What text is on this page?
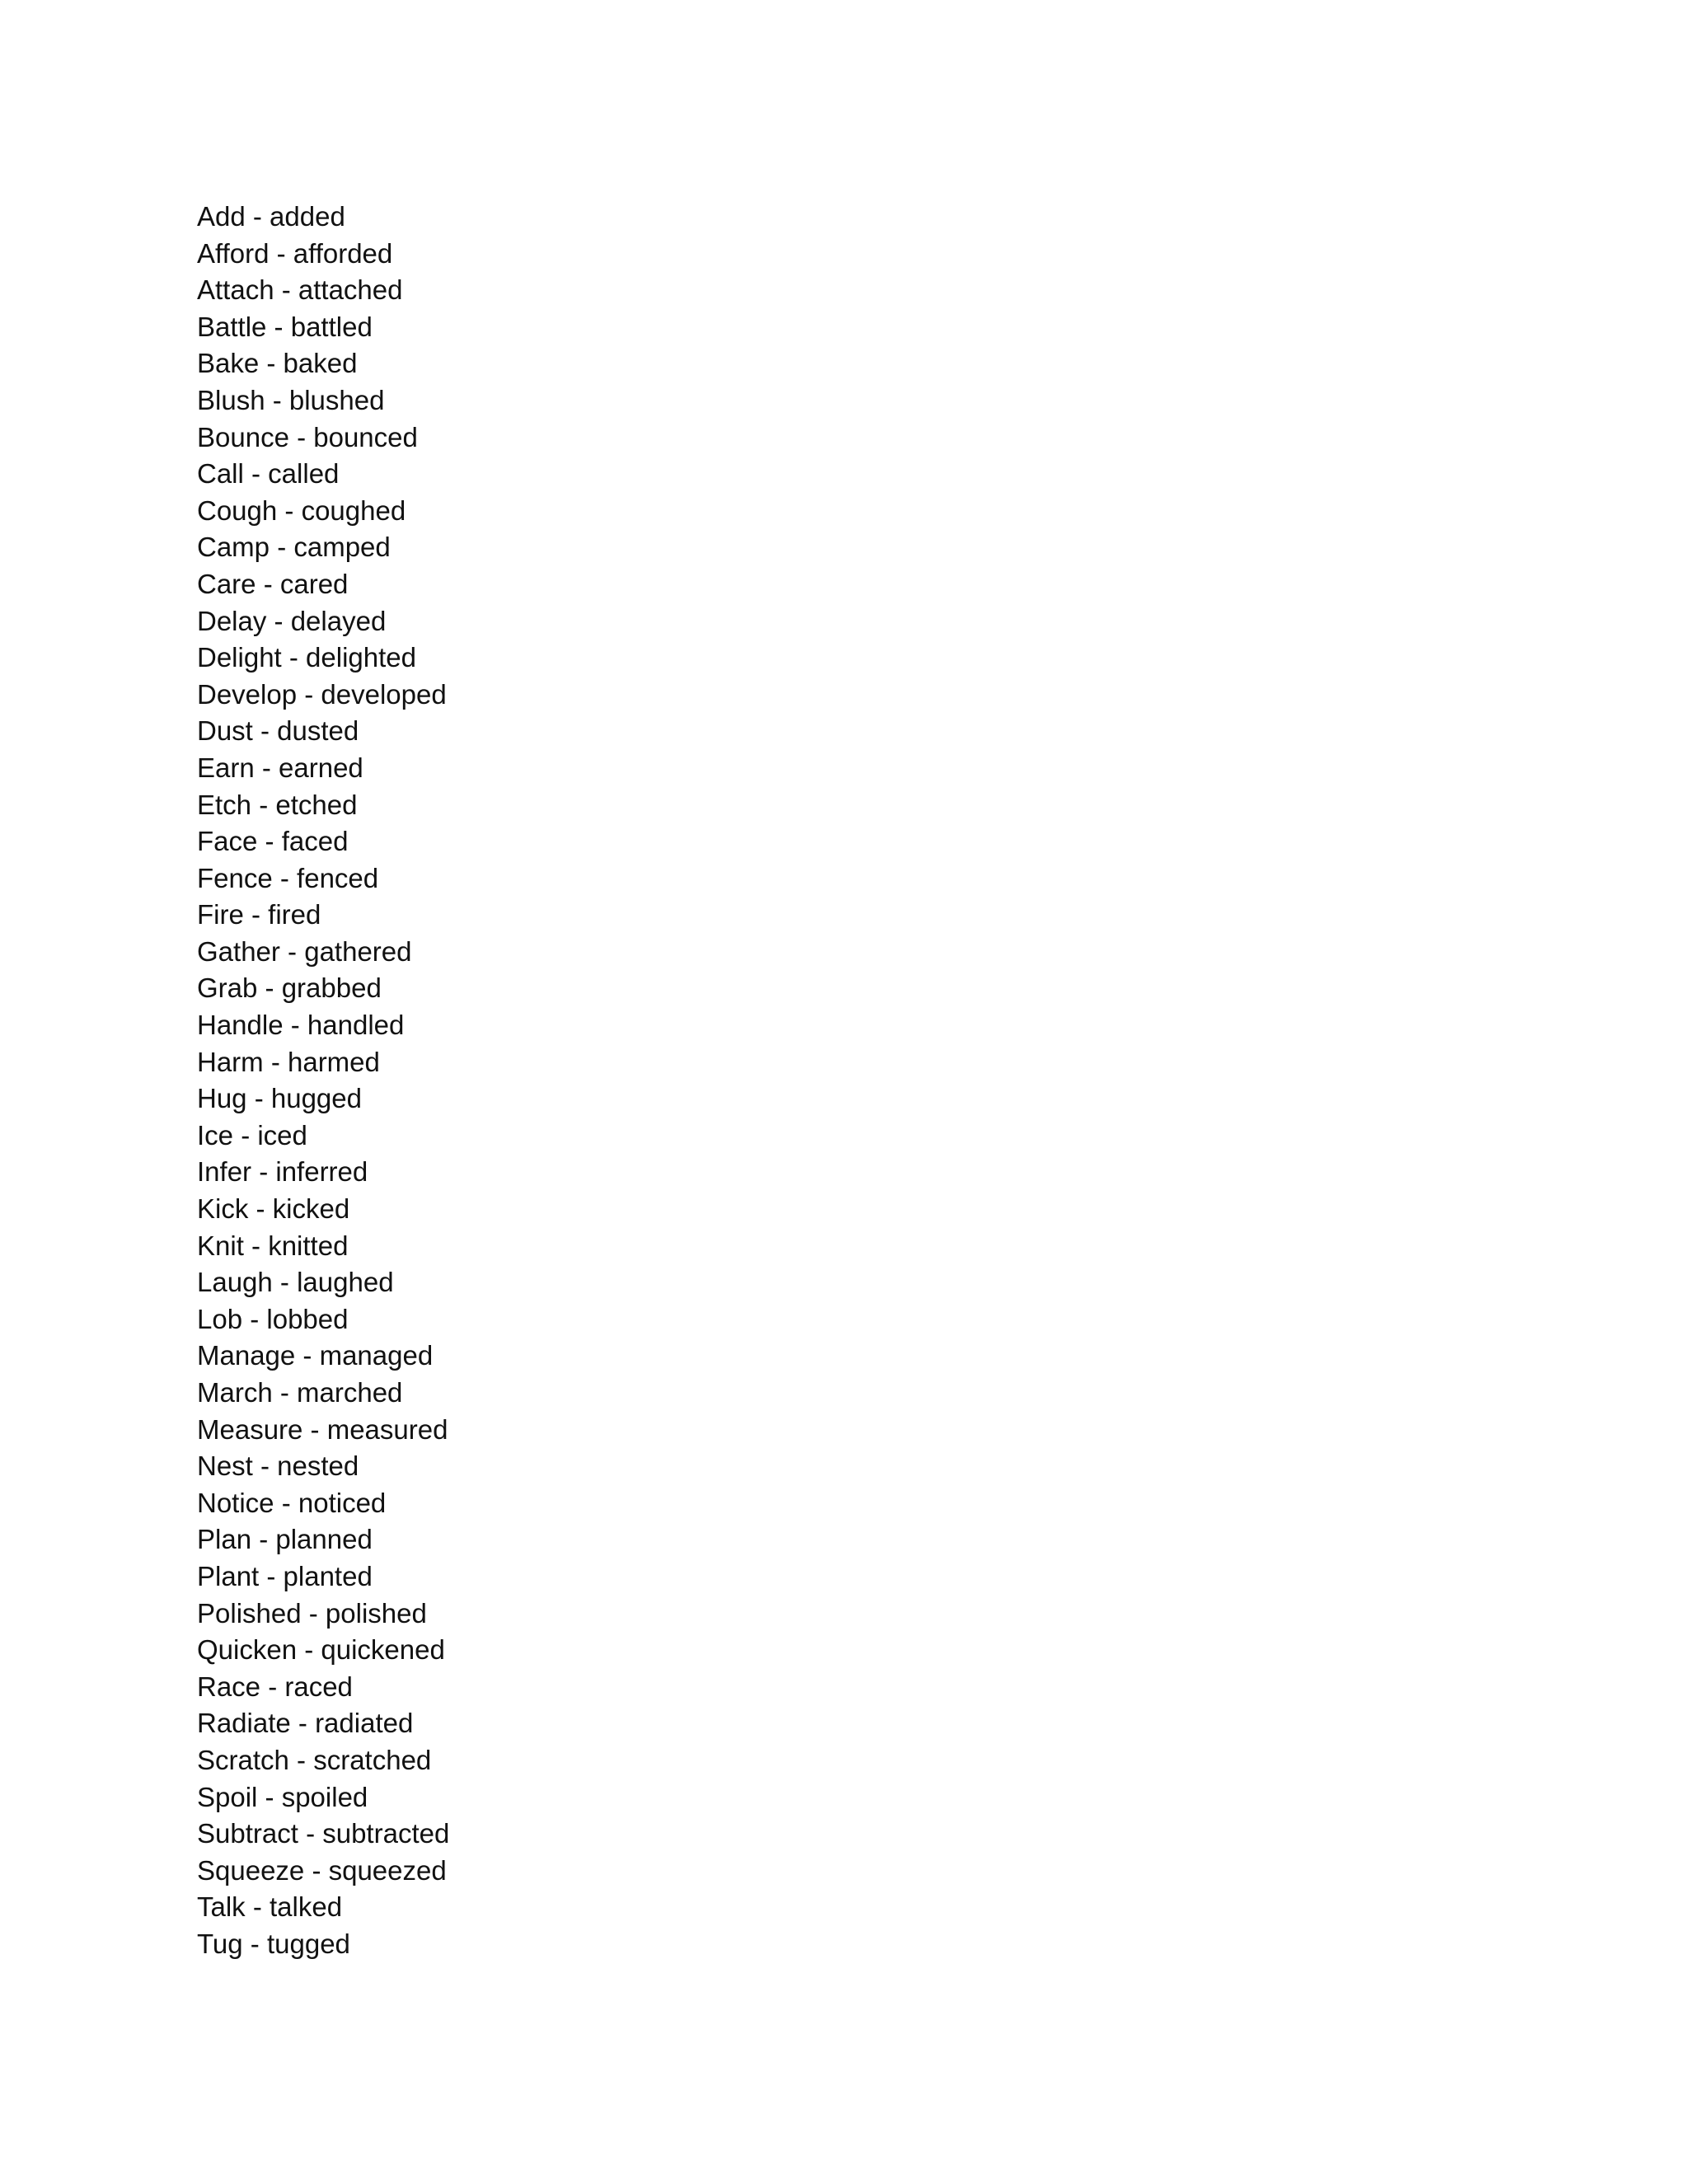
Add - added
Afford - afforded
Attach - attached
Battle - battled
Bake - baked
Blush - blushed
Bounce - bounced
Call - called
Cough - coughed
Camp - camped
Care - cared
Delay - delayed
Delight - delighted
Develop - developed
Dust - dusted
Earn - earned
Etch - etched
Face - faced
Fence - fenced
Fire - fired
Gather - gathered
Grab - grabbed
Handle - handled
Harm - harmed
Hug - hugged
Ice - iced
Infer - inferred
Kick - kicked
Knit - knitted
Laugh - laughed
Lob - lobbed
Manage - managed
March - marched
Measure - measured
Nest - nested
Notice - noticed
Plan - planned
Plant - planted
Polished - polished
Quicken - quickened
Race - raced
Radiate - radiated
Scratch - scratched
Spoil - spoiled
Subtract - subtracted
Squeeze - squeezed
Talk - talked
Tug - tugged
